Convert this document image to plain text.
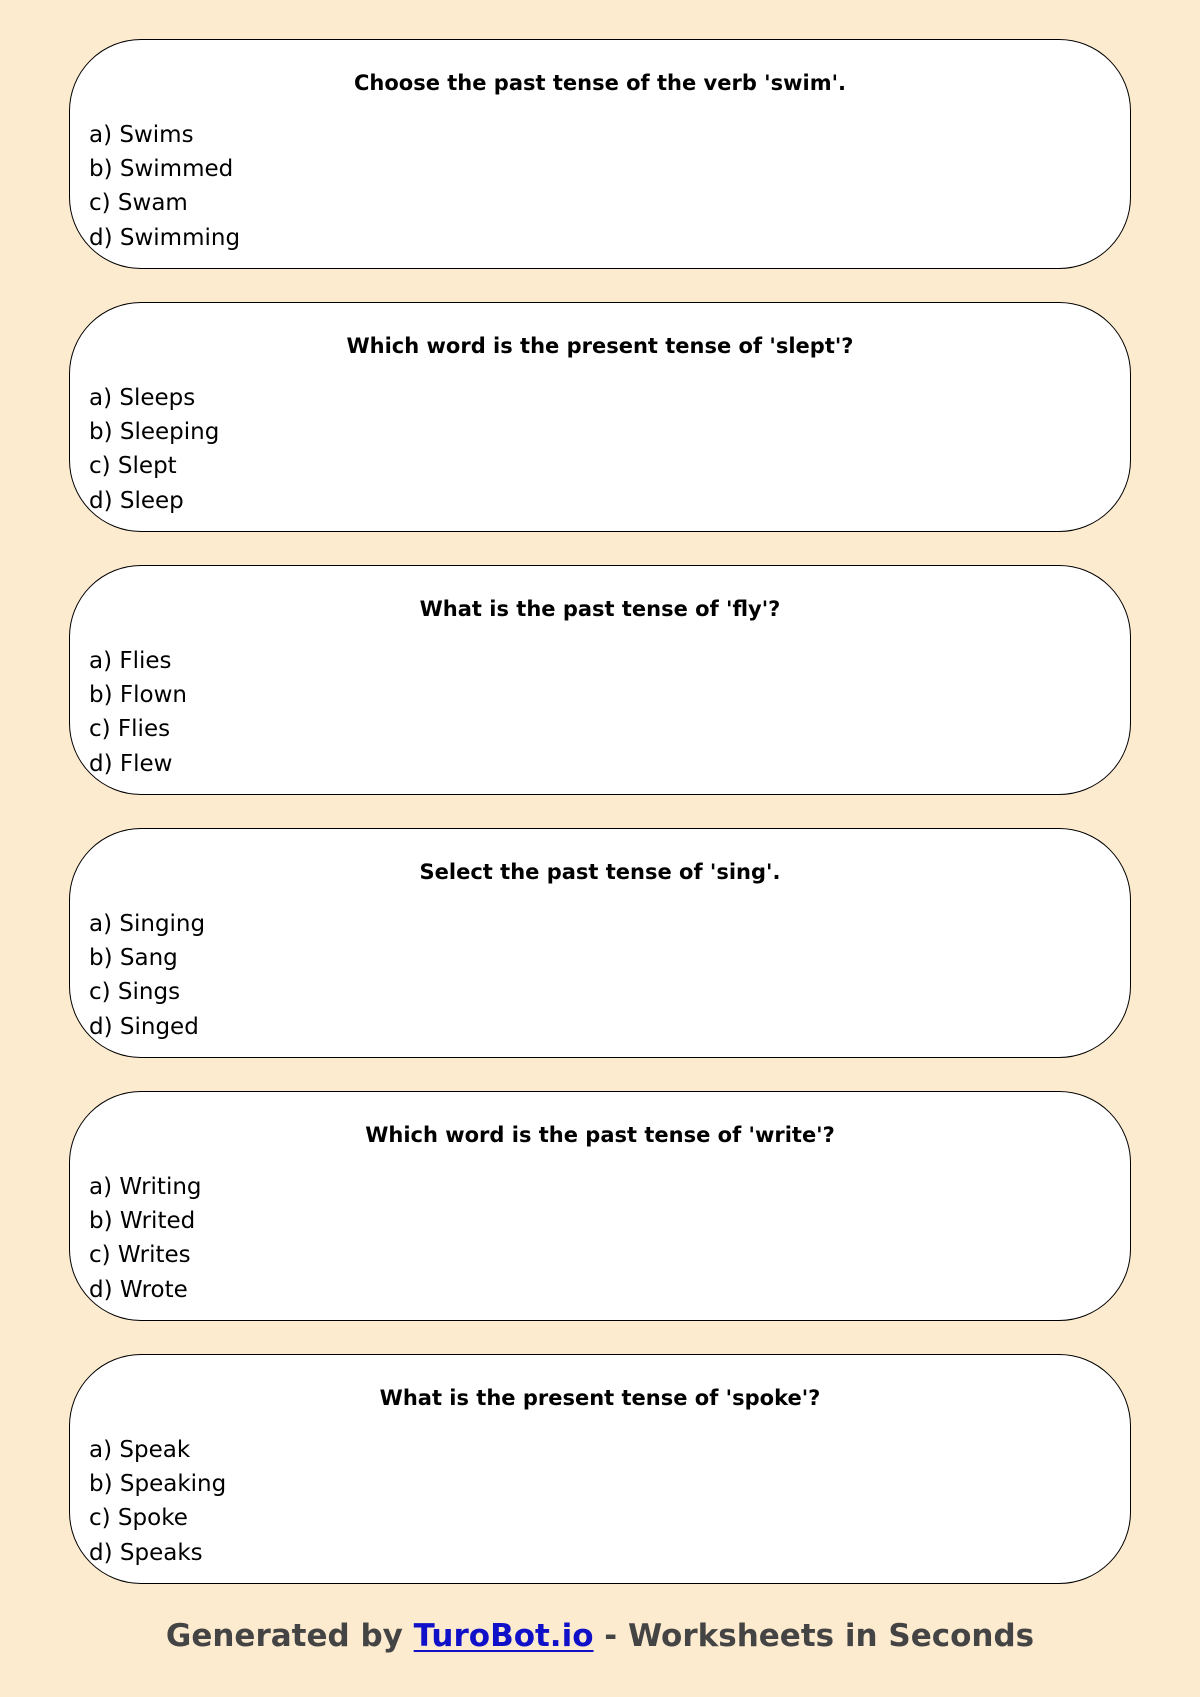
Choose the past tense of the verb 'swim'.

a) Swims
b) Swimmed
c) Swam
d) Swimming

Which word is the present tense of 'slept'?

a) Sleeps
b) Sleeping
c) Slept
d) Sleep

What is the past tense of 'fly'?

a) Flies
b) Flown
c) Flies
d) Flew

Select the past tense of 'sing'.

a) Singing
b) Sang
c) Sings
d) Singed

Which word is the past tense of 'write'?

a) Writing
b) Writed
c) Writes
d) Wrote

What is the present tense of 'spoke'?

a) Speak
b) Speaking
c) Spoke
d) Speaks
Generated by TuroBot.io - Worksheets in Seconds
